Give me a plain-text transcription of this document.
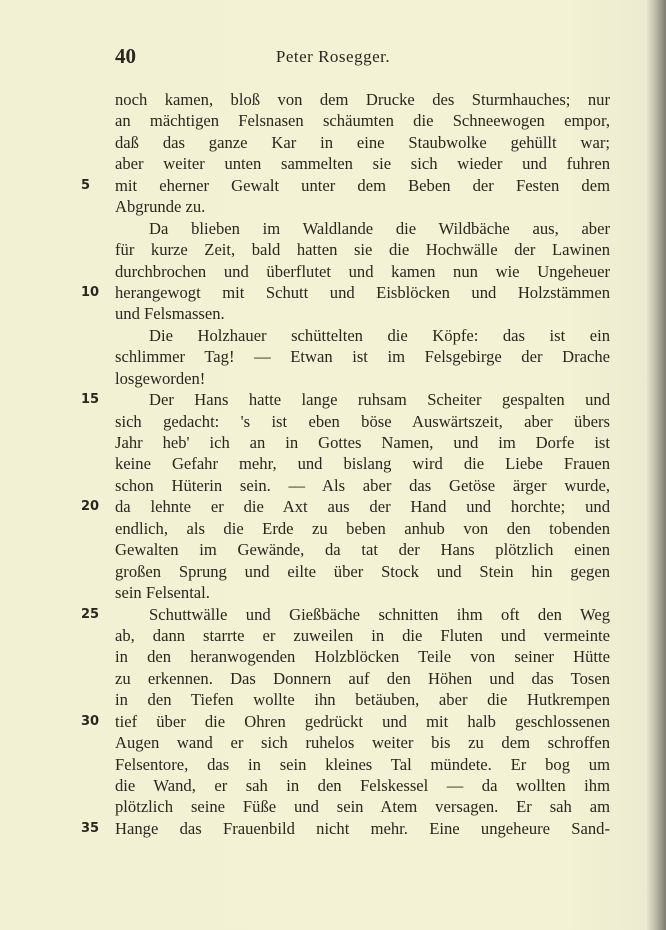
40	Peter Rosegger.
noch kamen, bloß von dem Drucke des Sturmhauches; nur
an mächtigen Felsnasen schäumten die Schneewogen empor,
daß das ganze Kar in eine Staubwolke gehüllt war;
aber weiter unten sammelten sie sich wieder und fuhren
5	mit eherner Gewalt unter dem Beben der Festen dem
Abgrunde zu.
Da blieben im Waldlande die Wildbäche aus, aber
für kurze Zeit, bald hatten sie die Hochwälle der Lawinen
durchbrochen und überflutet und kamen nun wie Ungeheuer
10 herangewogt mit Schutt und Eisblöcken und Holzstämmen
und Felsmassen.
Die Holzhauer schüttelten die Köpfe: das ist ein
schlimmer Tag! — Etwan ist im Felsgebirge der Drache
losgeworden!
15	Der Hans hatte lange ruhsam Scheiter gespalten und
sich gedacht: 's ist eben böse Auswärtszeit, aber übers
Jahr heb' ich an in Gottes Namen, und im Dorfe ist
keine Gefahr mehr, und bislang wird die Liebe Frauen
schon Hüterin sein. — Als aber das Getöse ärger wurde,
20 da lehnte er die Axt aus der Hand und horchte; und
endlich, als die Erde zu beben anhub von den tobenden
Gewalten im Gewände, da tat der Hans plötzlich einen
großen Sprung und eilte über Stock und Stein hin gegen
sein Felsental.
25	Schuttwälle und Gießbäche schnitten ihm oft den Weg
ab, dann starrte er zuweilen in die Fluten und vermeinte
in den heranwogenden Holzblöcken Teile von seiner Hütte
zu erkennen. Das Donnern auf den Höhen und das Tosen
in den Tiefen wollte ihn betäuben, aber die Hutkrempen
30 tief über die Ohren gedrückt und mit halb geschlossenen
Augen wand er sich ruhelos weiter bis zu dem schroffen
Felsentore, das in sein kleines Tal mündete. Er bog um
die Wand, er sah in den Felskessel — da wollten ihm
plötzlich seine Füße und sein Atem versagen. Er sah am
35 Hange das Frauenbild nicht mehr. Eine ungeheure Sand-
